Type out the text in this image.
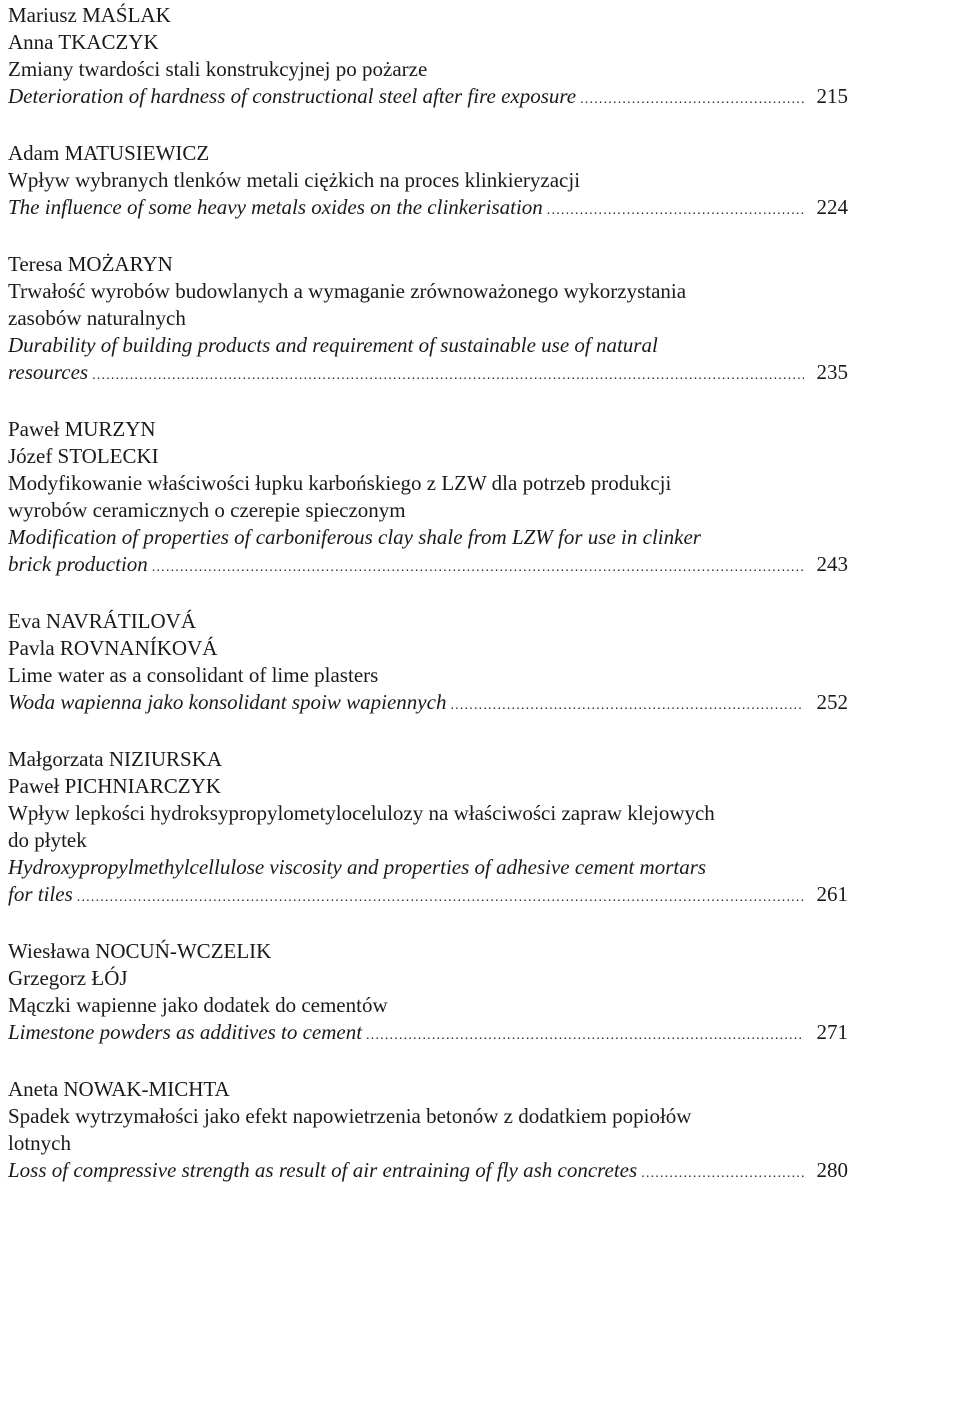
Mariusz MAŚLAK
Anna TKACZYK
Zmiany twardości stali konstrukcyjnej po pożarze
Deterioration of hardness of constructional steel after fire exposure .....	215
Adam MATUSIEWICZ
Wpływ wybranych tlenków metali ciężkich na proces klinkieryzacji
The influence of some heavy metals oxides on the clinkerisation .....	224
Teresa MOŻARYN
Trwałość wyrobów budowlanych a wymaganie zrównoważonego wykorzystania
zasobów naturalnych
Durability of building products and requirement of sustainable use of natural
resources .....	235
Paweł MURZYN
Józef STOLECKI
Modyfikowanie właściwości łupku karbońskiego z LZW dla potrzeb produkcji
wyrobów ceramicznych o czerepie spieczonym
Modification of properties of carboniferous clay shale from LZW for use in clinker
brick production .....	243
Eva NAVRÁTILOVÁ
Pavla ROVNANÍKOVÁ
Lime water as a consolidant of lime plasters
Woda wapienna jako konsolidant spoiw wapiennych .....	252
Małgorzata NIZIURSKA
Paweł PICHNIARCZYK
Wpływ lepkości hydroksypropylometylocelulozy na właściwości zapraw klejowych
do płytek
Hydroxypropylmethylcellulose viscosity and properties of adhesive cement mortars
for tiles .....	261
Wiesława NOCUŃ-WCZELIK
Grzegorz ŁÓJ
Mączki wapienne jako dodatek do cementów
Limestone powders as additives to cement .....	271
Aneta NOWAK-MICHTA
Spadek wytrzymałości jako efekt napowietrzenia betonów z dodatkiem popiołów
lotnych
Loss of compressive strength as result of air entraining of fly ash concretes .....	280
